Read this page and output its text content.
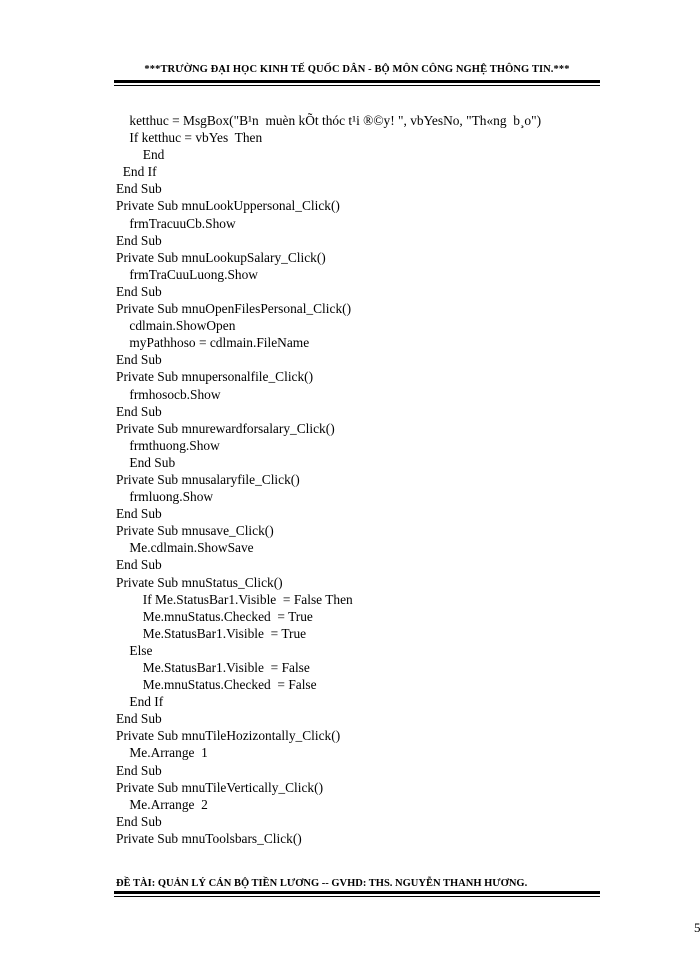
***TRƯỜNG ĐẠI HỌC KINH TẾ QUỐC DÂN - BỘ MÔN CÔNG NGHỆ THÔNG TIN.***
ketthuc = MsgBox("B¹n  muèn kÕt thóc t¹i ®©y! ", vbYesNo, "Th«ng  b¸o")
If ketthuc = vbYes  Then
End
End If
End Sub
Private Sub mnuLookUppersonal_Click()
frmTracuuCb.Show
End Sub
Private Sub mnuLookupSalary_Click()
frmTraCuuLuong.Show
End Sub
Private Sub mnuOpenFilesPersonal_Click()
cdlmain.ShowOpen
myPathhoso = cdlmain.FileName
End Sub
Private Sub mnupersonalfile_Click()
frmhosocb.Show
End Sub
Private Sub mnurewardforsalary_Click()
frmthuong.Show
End Sub
Private Sub mnusalaryfile_Click()
frmluong.Show
End Sub
Private Sub mnusave_Click()
Me.cdlmain.ShowSave
End Sub
Private Sub mnuStatus_Click()
If Me.StatusBar1.Visible  = False Then
Me.mnuStatus.Checked  = True
Me.StatusBar1.Visible  = True
Else
Me.StatusBar1.Visible  = False
Me.mnuStatus.Checked  = False
End If
End Sub
Private Sub mnuTileHozizontally_Click()
Me.Arrange  1
End Sub
Private Sub mnuTileVertically_Click()
Me.Arrange  2
End Sub
Private Sub mnuToolsbars_Click()
ĐỀ TÀI: QUẢN LÝ CÁN BỘ TIỀN LƯƠNG -- GVHD: THS. NGUYỄN THANH HƯƠNG.
5
